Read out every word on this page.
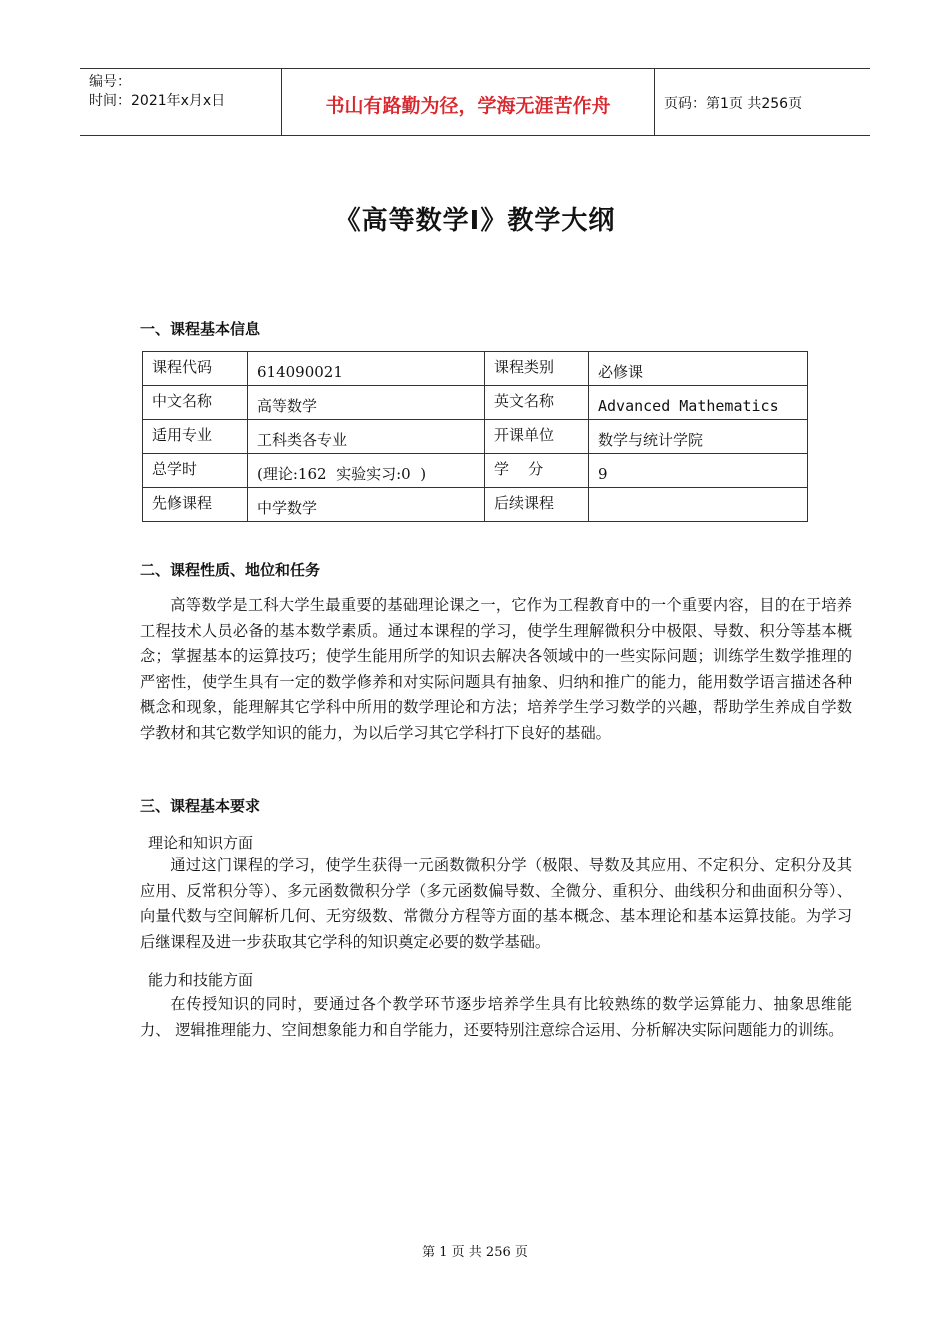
编号：
时间：2021年x月x日	书山有路勤为径，学海无涯苦作舟	页码：第1页 共256页
《高等数学Ⅰ》教学大纲
一、课程基本信息
课程代码	614090021	课程类别	必修课
中文名称	高等数学	英文名称	Advanced Mathematics
适用专业	工科类各专业	开课单位	数学与统计学院
总学时	(理论:162  实验实习:0  )	学    分	9
先修课程	中学数学	后续课程	
二、课程性质、地位和任务
高等数学是工科大学生最重要的基础理论课之一，它作为工程教育中的一个重要内容，目的在于培养工程技术人员必备的基本数学素质。通过本课程的学习，使学生理解微积分中极限、导数、积分等基本概念；掌握基本的运算技巧；使学生能用所学的知识去解决各领域中的一些实际问题；训练学生数学推理的严密性，使学生具有一定的数学修养和对实际问题具有抽象、归纳和推广的能力，能用数学语言描述各种概念和现象，能理解其它学科中所用的数学理论和方法；培养学生学习数学的兴趣，帮助学生养成自学数学教材和其它数学知识的能力，为以后学习其它学科打下良好的基础。
三、课程基本要求
理论和知识方面
通过这门课程的学习，使学生获得一元函数微积分学（极限、导数及其应用、不定积分、定积分及其应用、反常积分等）、多元函数微积分学（多元函数偏导数、全微分、重积分、曲线积分和曲面积分等）、向量代数与空间解析几何、无穷级数、常微分方程等方面的基本概念、基本理论和基本运算技能。为学习后继课程及进一步获取其它学科的知识奠定必要的数学基础。
能力和技能方面
在传授知识的同时，要通过各个教学环节逐步培养学生具有比较熟练的数学运算能力、抽象思维能力、 逻辑推理能力、空间想象能力和自学能力，还要特别注意综合运用、分析解决实际问题能力的训练。
第 1 页 共 256 页
